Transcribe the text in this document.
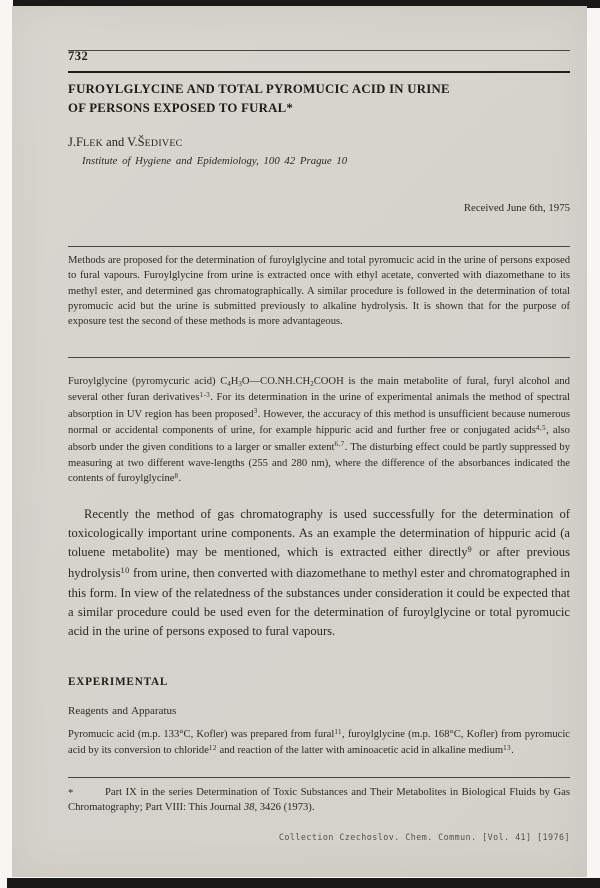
732
FUROYLGLYCINE AND TOTAL PYROMUCIC ACID IN URINE
OF PERSONS EXPOSED TO FURAL*
J.FLEK and V.ŠEDIVEC
Institute of Hygiene and Epidemiology, 100 42 Prague 10
Received June 6th, 1975
Methods are proposed for the determination of furoylglycine and total pyromucic acid in the urine of persons exposed to fural vapours. Furoylglycine from urine is extracted once with ethyl acetate, converted with diazomethane to its methyl ester, and determined gas chromatographically. A similar procedure is followed in the determination of total pyromucic acid but the urine is submitted previously to alkaline hydrolysis. It is shown that for the purpose of exposure test the second of these methods is more advantageous.
Furoylglycine (pyromycuric acid) C4H3O—CO.NH.CH2COOH is the main metabolite of fural, furyl alcohol and several other furan derivatives$^{1-3}$. For its determination in the urine of experimental animals the method of spectral absorption in UV region has been proposed$^3$. However, the accuracy of this method is unsufficient because numerous normal or accidental components of urine, for example hippuric acid and further free or conjugated acids$^{4,5}$, also absorb under the given conditions to a larger or smaller extent$^{6,7}$. The disturbing effect could be partly suppressed by measuring at two different wave-lengths (255 and 280 nm), where the difference of the absorbances indicated the contents of furoylglycine$^8$.
Recently the method of gas chromatography is used successfully for the determination of toxicologically important urine components. As an example the determination of hippuric acid (a toluene metabolite) may be mentioned, which is extracted either directly$^9$ or after previous hydrolysis$^{10}$ from urine, then converted with diazomethane to methyl ester and chromatographed in this form. In view of the relatedness of the substances under consideration it could be expected that a similar procedure could be used even for the determination of furoylglycine or total pyromucic acid in the urine of persons exposed to fural vapours.
EXPERIMENTAL
Reagents and Apparatus
Pyromucic acid (m.p. 133°C, Kofler) was prepared from fural$^{11}$, furoylglycine (m.p. 168°C, Kofler) from pyromucic acid by its conversion to chloride$^{12}$ and reaction of the latter with aminoacetic acid in alkaline medium$^{13}$.
*	Part IX in the series Determination of Toxic Substances and Their Metabolites in Biological Fluids by Gas Chromatography; Part VIII: This Journal 38, 3426 (1973).
Collection Czechoslov. Chem. Commun. [Vol. 41] [1976]
